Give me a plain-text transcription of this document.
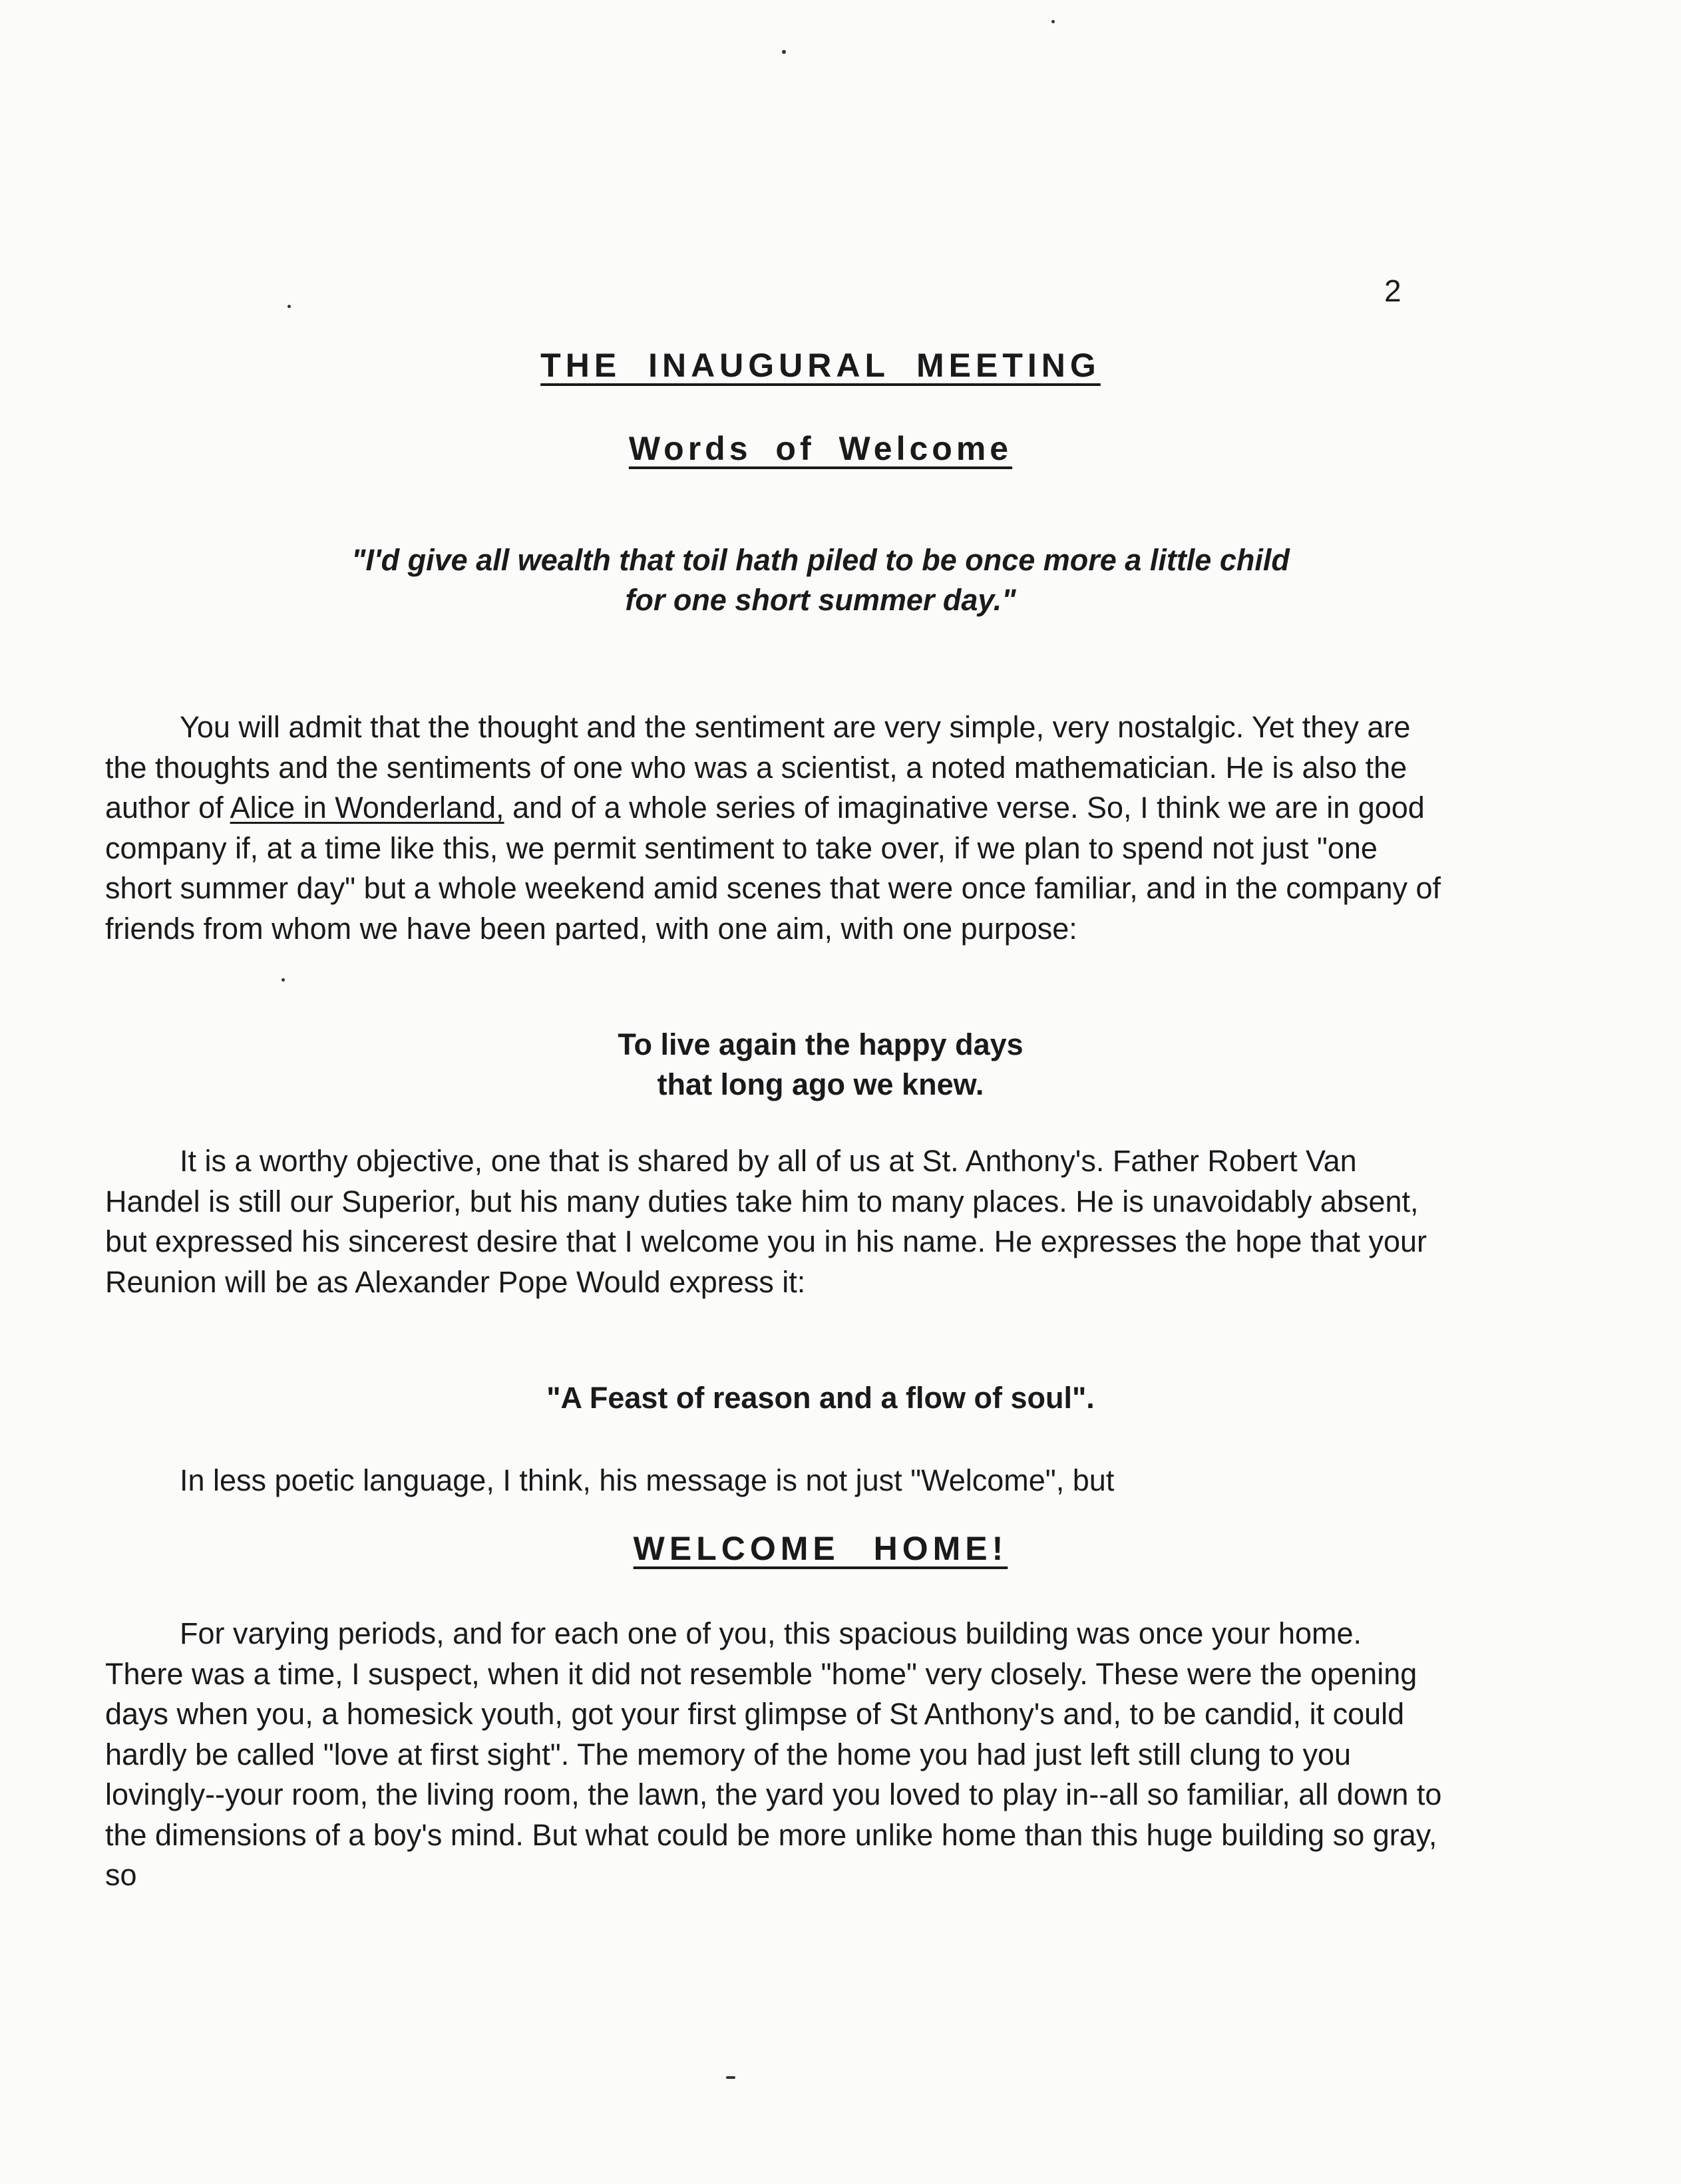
2
THE INAUGURAL MEETING
Words of Welcome
"I'd give all wealth that toil hath piled to be once more a little child
for one short summer day."
You will admit that the thought and the sentiment are very simple, very nostalgic. Yet they are the thoughts and the sentiments of one who was a scientist, a noted mathematician. He is also the author of Alice in Wonderland, and of a whole series of imaginative verse. So, I think we are in good company if, at a time like this, we permit sentiment to take over, if we plan to spend not just "one short summer day" but a whole weekend amid scenes that were once familiar, and in the company of friends from whom we have been parted, with one aim, with one purpose:
To live again the happy days
that long ago we knew.
It is a worthy objective, one that is shared by all of us at St. Anthony's. Father Robert Van Handel is still our Superior, but his many duties take him to many places. He is unavoidably absent, but expressed his sincerest desire that I welcome you in his name. He expresses the hope that your Reunion will be as Alexander Pope Would express it:
"A Feast of reason and a flow of soul".
In less poetic language, I think, his message is not just "Welcome", but
WELCOME HOME!
For varying periods, and for each one of you, this spacious building was once your home. There was a time, I suspect, when it did not resemble "home" very closely. These were the opening days when you, a homesick youth, got your first glimpse of St Anthony's and, to be candid, it could hardly be called "love at first sight". The memory of the home you had just left still clung to you lovingly--your room, the living room, the lawn, the yard you loved to play in--all so familiar, all down to the dimensions of a boy's mind. But what could be more unlike home than this huge building so gray, so
